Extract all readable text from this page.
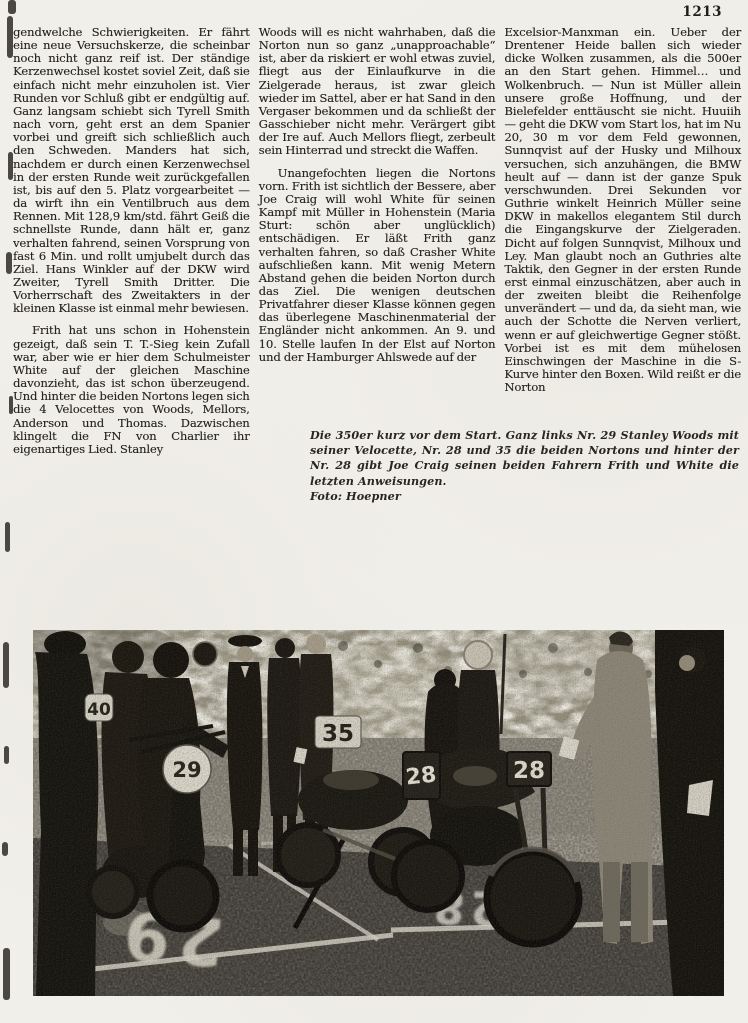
1213

gendwelche Schwierigkeiten. Er fährt eine neue Versuchskerze, die scheinbar noch nicht ganz reif ist. Der ständige Kerzenwechsel kostet soviel Zeit, daß sie einfach nicht mehr einzuholen ist. Vier Runden vor Schluß gibt er endgültig auf. Ganz langsam schiebt sich Tyrell Smith nach vorn, geht erst an dem Spanier vorbei und greift sich schließlich auch den Schweden. Manders hat sich, nachdem er durch einen Kerzenwechsel in der ersten Runde weit zurückgefallen ist, bis auf den 5. Platz vorgearbeitet — da wirft ihn ein Ventilbruch aus dem Rennen. Mit 128,9 km/std. fährt Geiß die schnellste Runde, dann hält er, ganz verhalten fahrend, seinen Vorsprung von fast 6 Min. und rollt umjubelt durch das Ziel. Hans Winkler auf der DKW wird Zweiter, Tyrell Smith Dritter. Die Vorherrschaft des Zweitakters in der kleinen Klasse ist einmal mehr bewiesen.

Frith hat uns schon in Hohenstein gezeigt, daß sein T. T.-Sieg kein Zufall war, aber wie er hier dem Schulmeister White auf der gleichen Maschine davonzieht, das ist schon überzeugend. Und hinter die beiden Nortons legen sich die 4 Velocettes von Woods, Mellors, Anderson und Thomas. Dazwischen klingelt die FN von Charlier ihr eigenartiges Lied. Stanley

Woods will es nicht wahrhaben, daß die Norton nun so ganz „unapproachable“ ist, aber da riskiert er wohl etwas zuviel, fliegt aus der Einlaufkurve in die Zielgerade heraus, ist zwar gleich wieder im Sattel, aber er hat Sand in den Vergaser bekommen und da schließt der Gasschieber nicht mehr. Verärgert gibt der Ire auf. Auch Mellors fliegt, zerbeult sein Hinterrad und streckt die Waffen.

Unangefochten liegen die Nortons vorn. Frith ist sichtlich der Bessere, aber Joe Craig will wohl White für seinen Kampf mit Müller in Hohenstein (Maria Sturt: schön aber unglücklich) entschädigen. Er läßt Frith ganz verhalten fahren, so daß Crasher White aufschließen kann. Mit wenig Metern Abstand gehen die beiden Norton durch das Ziel. Die wenigen deutschen Privatfahrer dieser Klasse können gegen das überlegene Maschinenmaterial der Engländer nicht ankommen. An 9. und 10. Stelle laufen In der Elst auf Norton und der Hamburger Ahlswede auf der

Excelsior-Manxman ein. Ueber der Drentener Heide ballen sich wieder dicke Wolken zusammen, als die 500er an den Start gehen. Himmel… und Wolkenbruch. — Nun ist Müller allein unsere große Hoffnung, und der Bielefelder enttäuscht sie nicht. Huuiih — geht die DKW vom Start los, hat im Nu 20, 30 m vor dem Feld gewonnen, Sunnqvist auf der Husky und Milhoux versuchen, sich anzuhängen, die BMW heult auf — dann ist der ganze Spuk verschwunden. Drei Sekunden vor Guthrie winkelt Heinrich Müller seine DKW in makellos elegantem Stil durch die Eingangskurve der Zielgeraden. Dicht auf folgen Sunnqvist, Milhoux und Ley. Man glaubt noch an Guthries alte Taktik, den Gegner in der ersten Runde erst einmal einzuschätzen, aber auch in der zweiten bleibt die Reihenfolge unverändert — und da, da sieht man, wie auch der Schotte die Nerven verliert, wenn er auf gleichwertige Gegner stößt. Vorbei ist es mit dem mühelosen Einschwingen der Maschine in die S-Kurve hinter den Boxen. Wild reißt er die Norton

Die 350er kurz vor dem Start. Ganz links Nr. 29 Stanley Woods mit seiner Velocette, Nr. 28 und 35 die beiden Nortons und hinter der Nr. 28 gibt Joe Craig seinen beiden Fahrern Frith und White die letzten Anweisungen.

Foto: Hoepner
